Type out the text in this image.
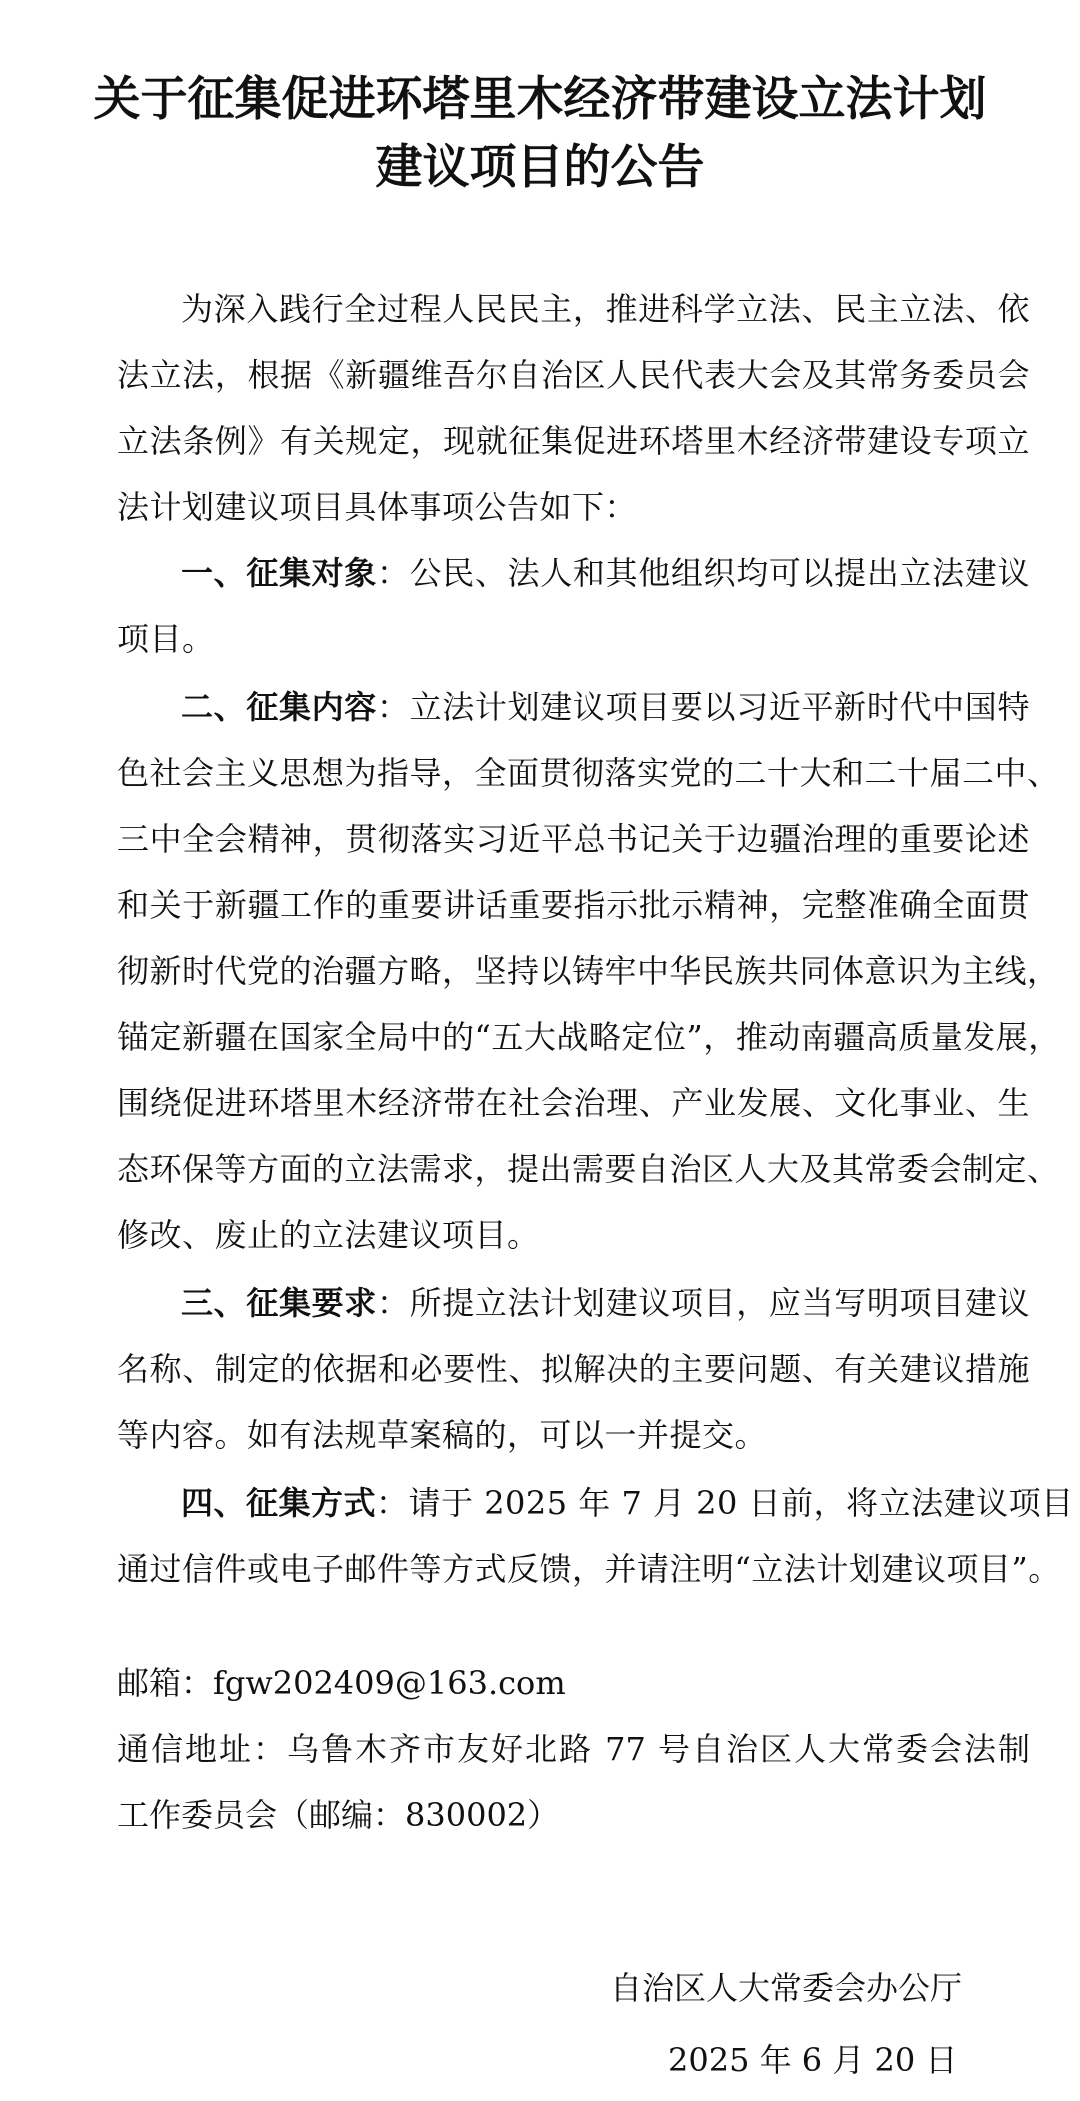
关于征集促进环塔里木经济带建设立法计划
建议项目的公告
为深入践行全过程人民民主，推进科学立法、民主立法、依
法立法，根据《新疆维吾尔自治区人民代表大会及其常务委员会
立法条例》有关规定，现就征集促进环塔里木经济带建设专项立
法计划建议项目具体事项公告如下：
一、征集对象：公民、法人和其他组织均可以提出立法建议
项目。
二、征集内容：立法计划建议项目要以习近平新时代中国特
色社会主义思想为指导，全面贯彻落实党的二十大和二十届二中、
三中全会精神，贯彻落实习近平总书记关于边疆治理的重要论述
和关于新疆工作的重要讲话重要指示批示精神，完整准确全面贯
彻新时代党的治疆方略，坚持以铸牢中华民族共同体意识为主线，
锚定新疆在国家全局中的“五大战略定位”，推动南疆高质量发展，
围绕促进环塔里木经济带在社会治理、产业发展、文化事业、生
态环保等方面的立法需求，提出需要自治区人大及其常委会制定、
修改、废止的立法建议项目。
三、征集要求：所提立法计划建议项目，应当写明项目建议
名称、制定的依据和必要性、拟解决的主要问题、有关建议措施
等内容。如有法规草案稿的，可以一并提交。
四、征集方式：请于 2025 年 7 月 20 日前，将立法建议项目
通过信件或电子邮件等方式反馈，并请注明“立法计划建议项目”。
邮箱：fgw202409@163.com
通信地址：乌鲁木齐市友好北路 77 号自治区人大常委会法制
工作委员会（邮编：830002）
自治区人大常委会办公厅
2025 年 6 月 20 日
